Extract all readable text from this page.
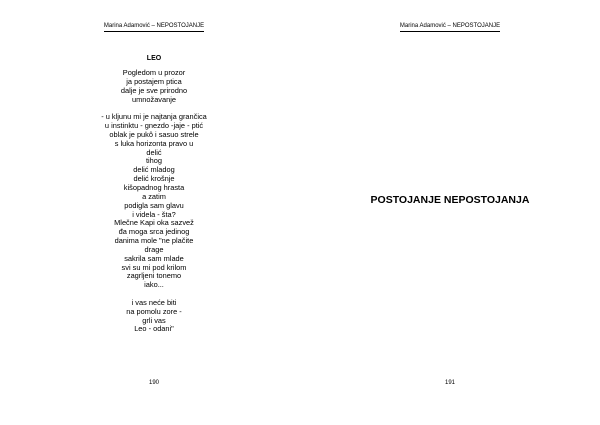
Marina Adamović – NEPOSTOJANJE
LEO
Pogledom u prozor
ja postajem ptica
dalje je sve prirodno
umnožavanje
- u kljunu mi je najtanja grančica
u instinktu - gnezdo -jaje - ptić
oblak je pukô i sasuo strele
s luka horizonta pravo u
delić
tihog
delić mladog
delić krošnje
kišopadnog hrasta
a zatim
podigla sam glavu
i videla - šta?
Mlečne Kapi oka sazvež
đa moga srca jedinog
danima mole "ne plačite
drage
sakrila sam mlade
svi su mi pod krilom
zagrljeni tonemo
iako...
i vas neće biti
na pomolu zore -
grli vas
Leo - odani"
190
Marina Adamović – NEPOSTOJANJE
POSTOJANJE NEPOSTOJANJA
191
